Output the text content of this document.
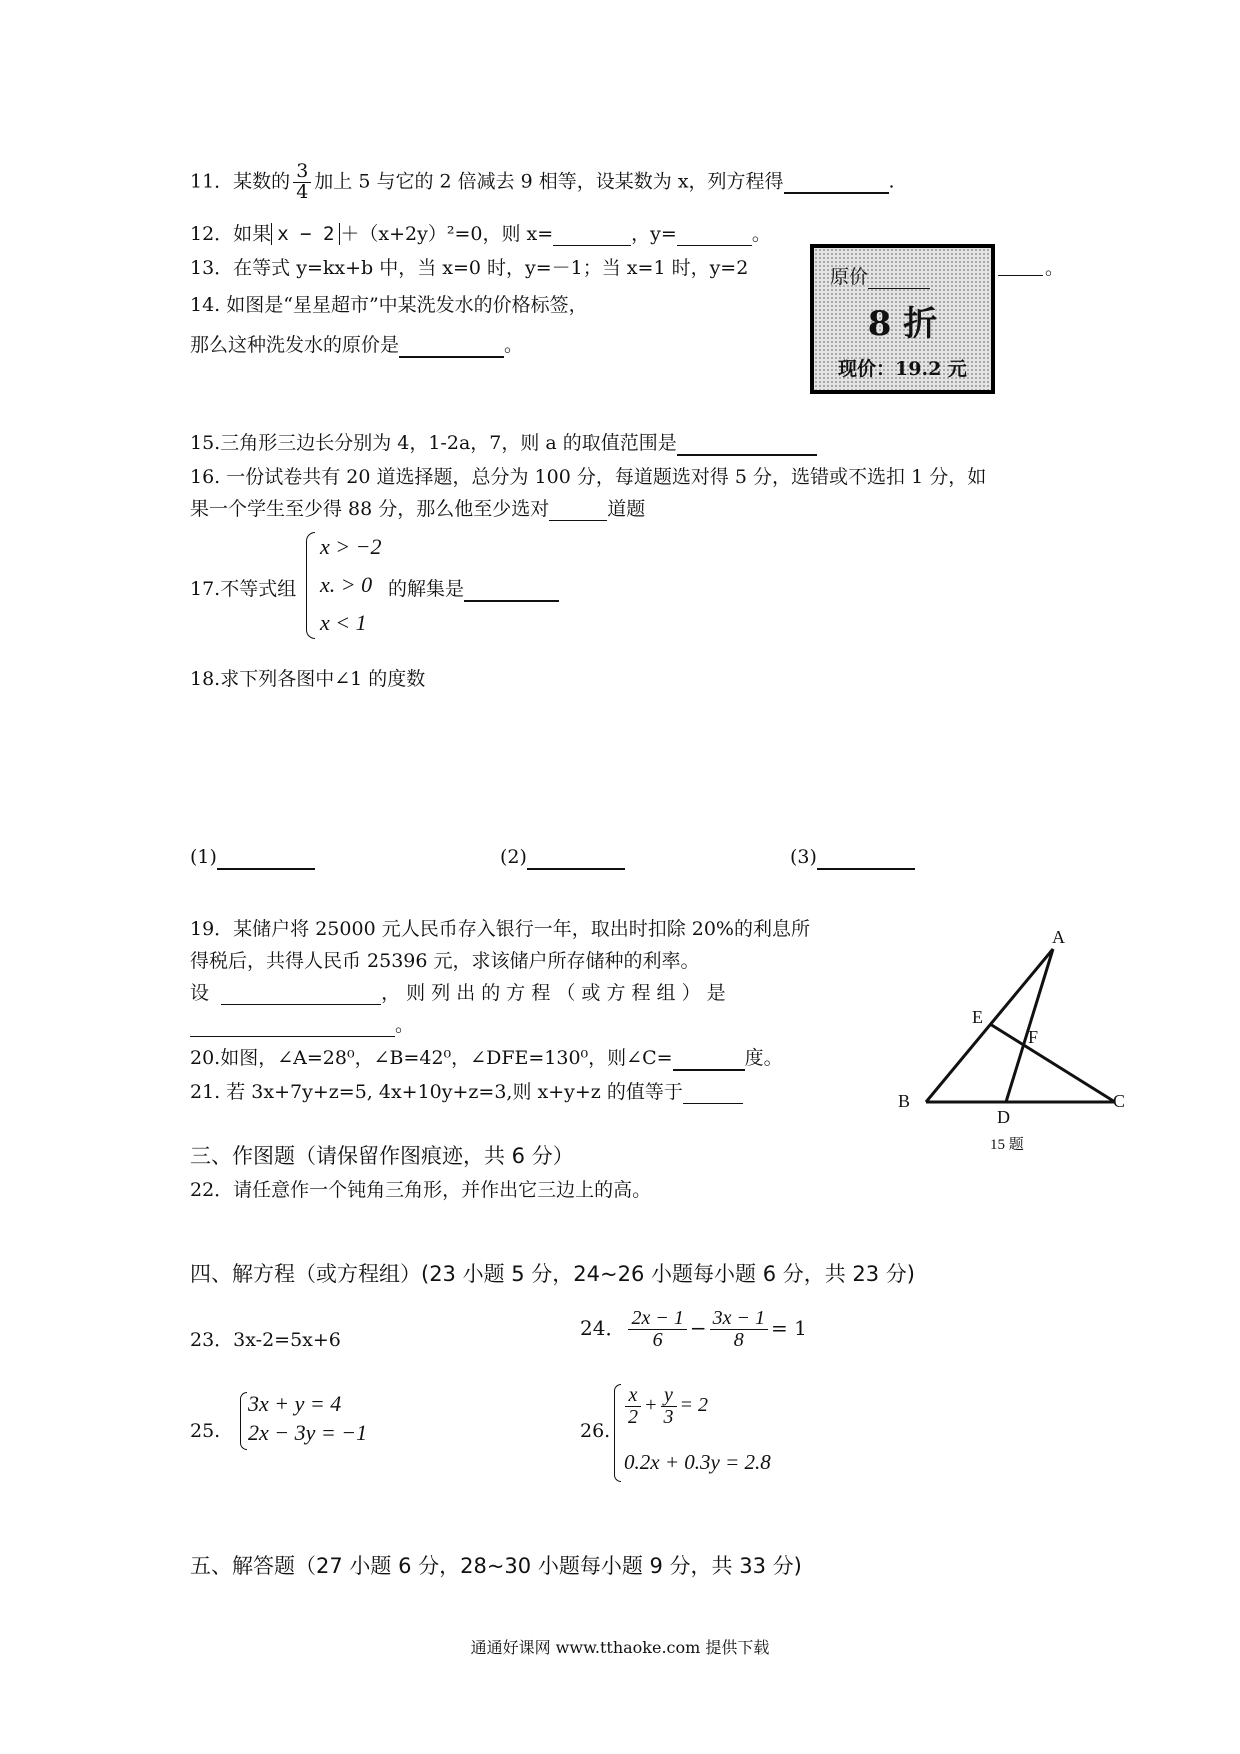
11．某数的 $\frac{3}{4}$ 加上 5 与它的 2 倍减去 9 相等，设某数为 x，列方程得	.
12．如果 x − 2 ＋（x+2y）²=0，则 x=	，y=	。
13．在等式 y=kx+b 中，当 x=0 时，y=－1；当 x=1 时，y=2
	。
14. 如图是“星星超市”中某洗发水的价格标签，
那么这种洗发水的原价是	。
原价
8 折
现价：19.2 元
15.三角形三边长分别为 4，1-2a，7，则 a 的取值范围是
16. 一份试卷共有 20 道选择题，总分为 100 分，每道题选对得 5 分，选错或不选扣 1 分，如
果一个学生至少得 88 分，那么他至少选对	道题
17.不等式组
x > −2
x. > 0
x < 1
的解集是
18.求下列各图中∠1 的度数
(1)	(2)	(3)
19．某储户将 25000 元人民币存入银行一年，取出时扣除 20%的利息所
得税后，共得人民币 25396 元，求该储户所存储种的利率。
设	， 则 列 出 的 方 程 （ 或 方 程 组 ） 是
。
20.如图，∠A=28⁰，∠B=42⁰，∠DFE=130⁰，则∠C=	度。
21. 若 3x+7y+z=5, 4x+10y+z=3,则 x+y+z 的值等于
A
E
F
B
D
C
15 题
三、作图题（请保留作图痕迹，共 6 分）
22．请任意作一个钝角三角形，并作出它三边上的高。
四、解方程（或方程组）(23 小题 5 分，24~26 小题每小题 6 分，共 23 分)
23．3x-2=5x+6	24． $\frac{2x - 1}{6} - \frac{3x - 1}{8} = 1$
25.
3x + y = 4
2x − 3y = −1	26.
$\frac{x}{2} + \frac{y}{3} = 2$
0.2x + 0.3y = 2.8
五、解答题（27 小题 6 分，28~30 小题每小题 9 分，共 33 分)
通通好课网 www.tthaoke.com 提供下载
